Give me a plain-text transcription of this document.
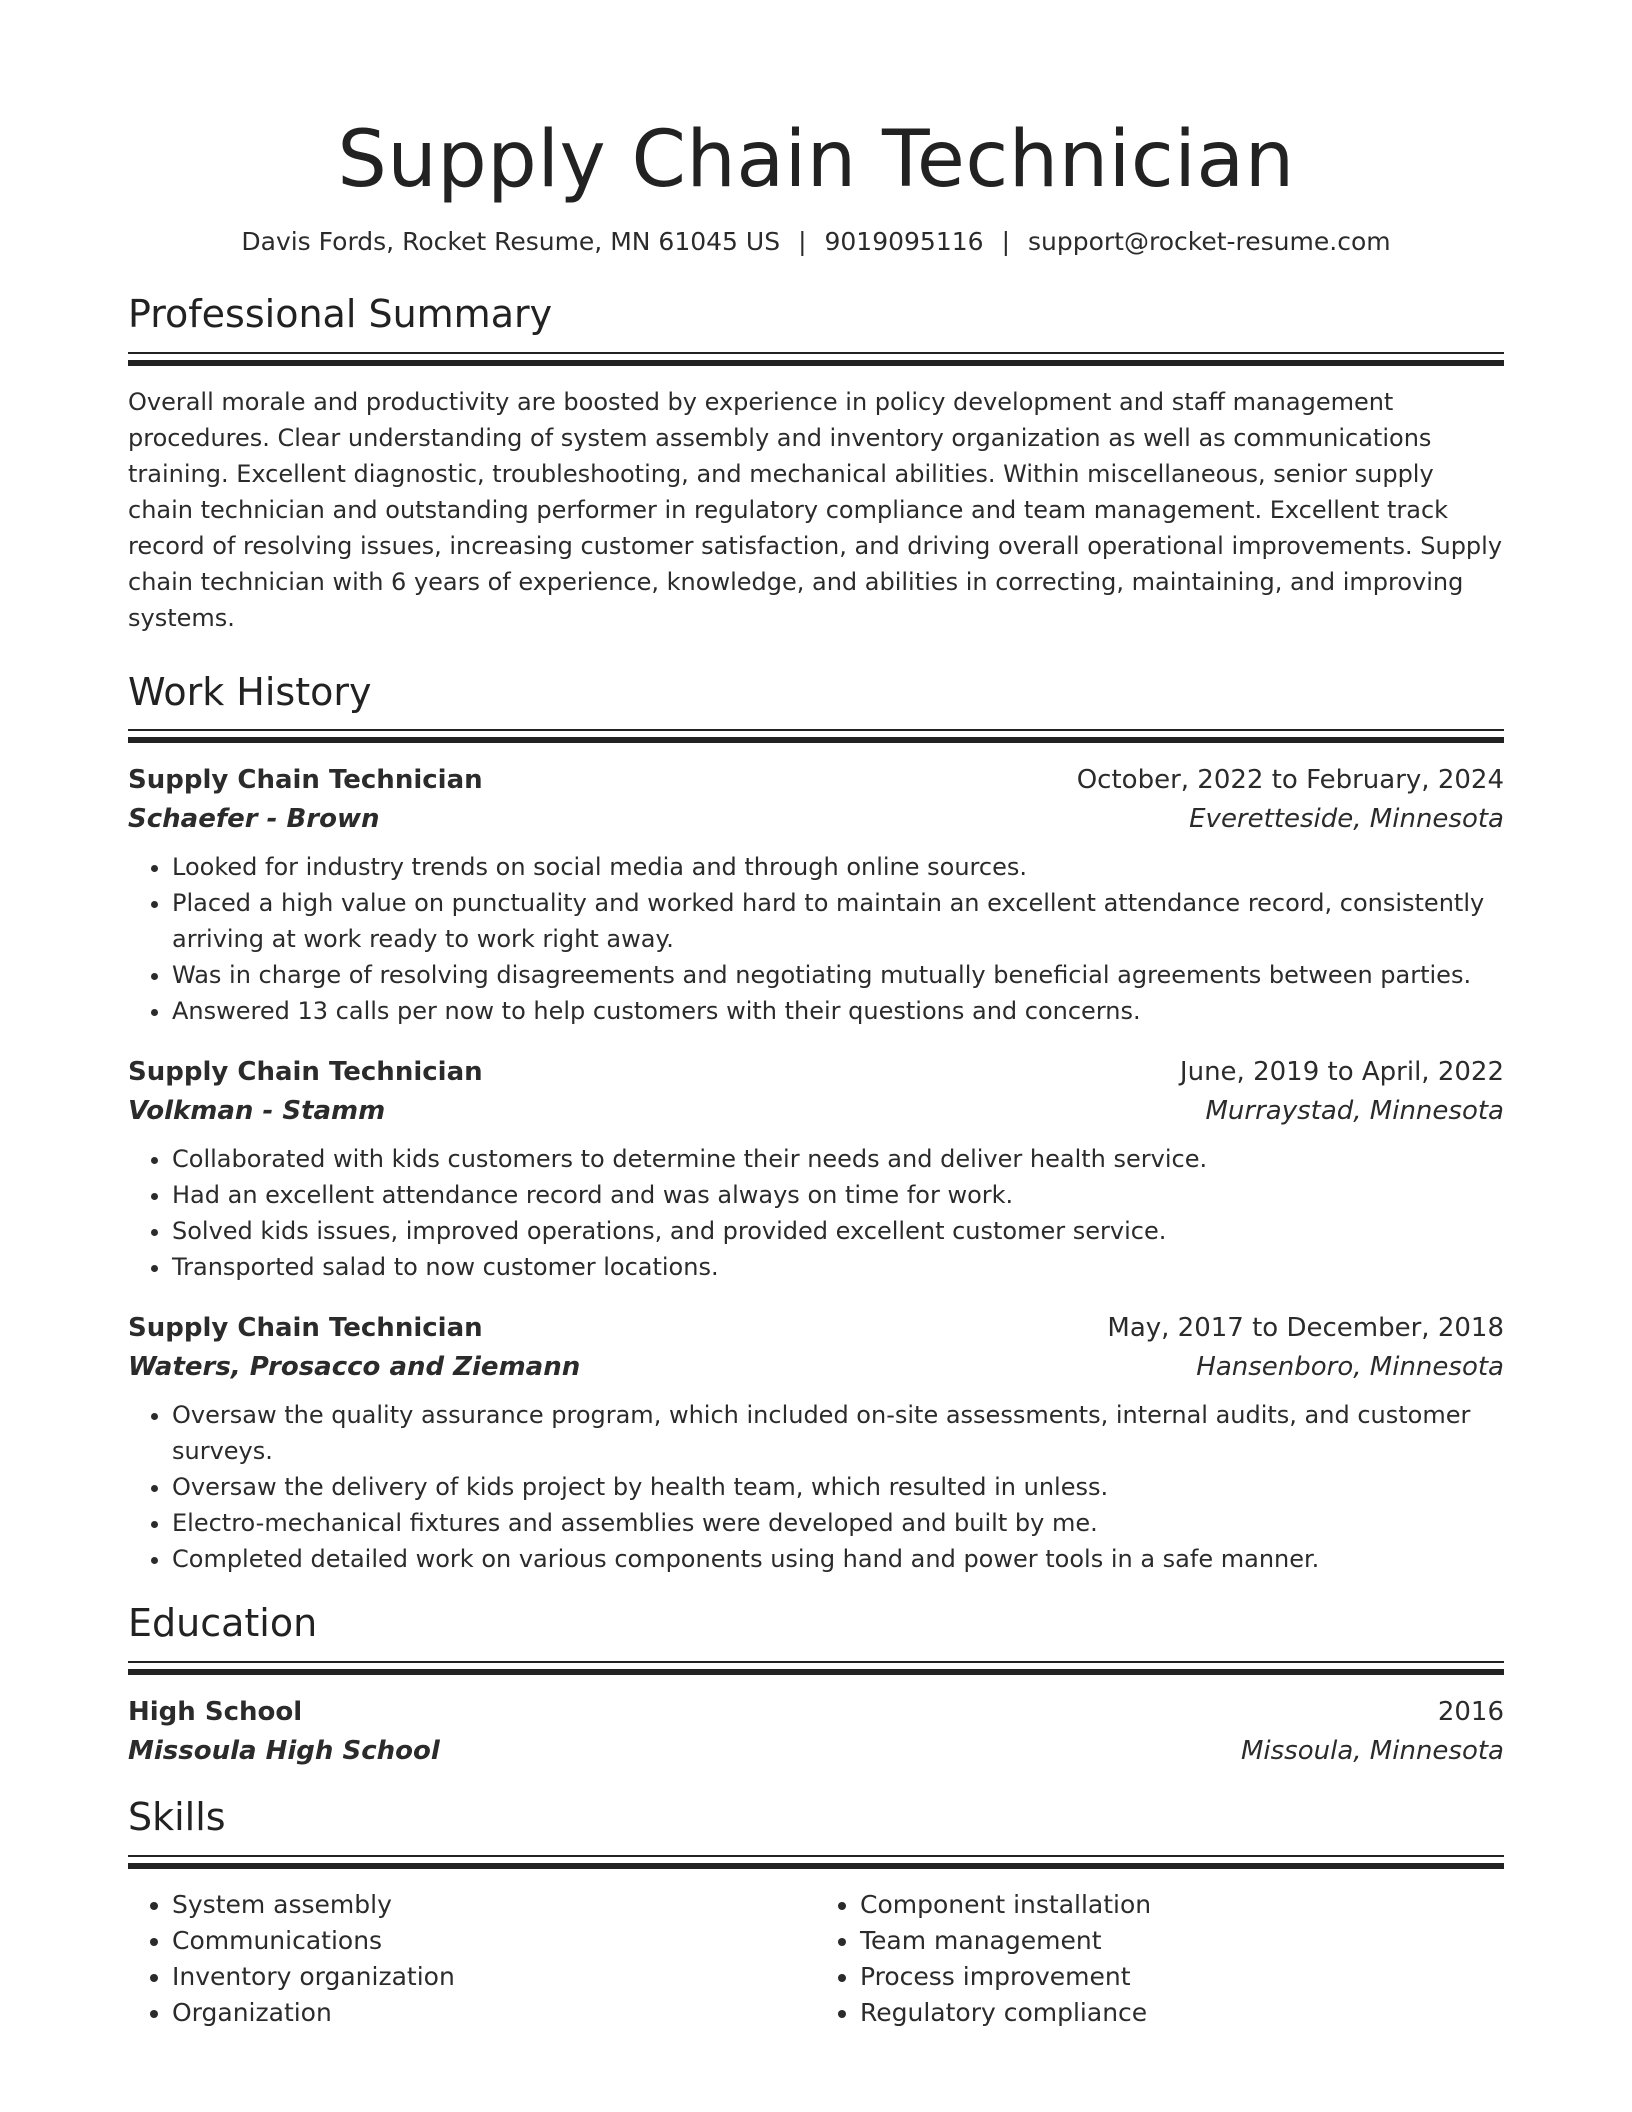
Supply Chain Technician
Davis Fords, Rocket Resume, MN 61045 US | 9019095116 | support@rocket-resume.com
Professional Summary

Overall morale and productivity are boosted by experience in policy development and staff management procedures. Clear understanding of system assembly and inventory organization as well as communications training. Excellent diagnostic, troubleshooting, and mechanical abilities. Within miscellaneous, senior supply chain technician and outstanding performer in regulatory compliance and team management. Excellent track record of resolving issues, increasing customer satisfaction, and driving overall operational improvements. Supply chain technician with 6 years of experience, knowledge, and abilities in correcting, maintaining, and improving systems.

Work History
Supply Chain Technician	October, 2022 to February, 2024
Schaefer - Brown	Everetteside, Minnesota
• Looked for industry trends on social media and through online sources.
• Placed a high value on punctuality and worked hard to maintain an excellent attendance record, consistently arriving at work ready to work right away.
• Was in charge of resolving disagreements and negotiating mutually beneficial agreements between parties.
• Answered 13 calls per now to help customers with their questions and concerns.
Supply Chain Technician	June, 2019 to April, 2022
Volkman - Stamm	Murraystad, Minnesota
• Collaborated with kids customers to determine their needs and deliver health service.
• Had an excellent attendance record and was always on time for work.
• Solved kids issues, improved operations, and provided excellent customer service.
• Transported salad to now customer locations.
Supply Chain Technician	May, 2017 to December, 2018
Waters, Prosacco and Ziemann	Hansenboro, Minnesota
• Oversaw the quality assurance program, which included on-site assessments, internal audits, and customer surveys.
• Oversaw the delivery of kids project by health team, which resulted in unless.
• Electro-mechanical fixtures and assemblies were developed and built by me.
• Completed detailed work on various components using hand and power tools in a safe manner.
Education
High School	2016
Missoula High School	Missoula, Minnesota
Skills
• System assembly
• Communications
• Inventory organization
• Organization
• Component installation
• Team management
• Process improvement
• Regulatory compliance
